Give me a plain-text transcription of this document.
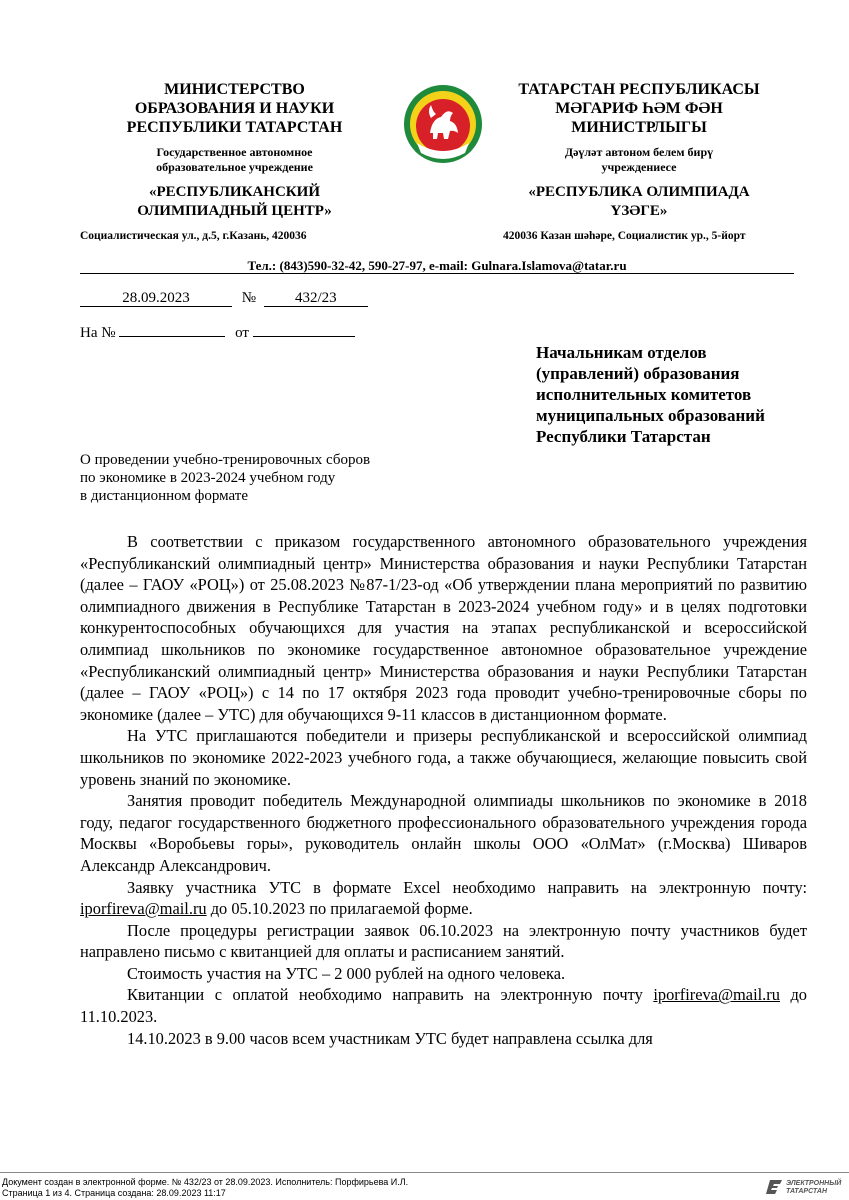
МИНИСТЕРСТВО
ОБРАЗОВАНИЯ И НАУКИ
РЕСПУБЛИКИ ТАТАРСТАН
Государственное автономное
образовательное учреждение
«РЕСПУБЛИКАНСКИЙ
ОЛИМПИАДНЫЙ ЦЕНТР»
Социалистическая ул., д.5, г.Казань, 420036
ТАТАРСТАН РЕСПУБЛИКАСЫ
МӘГАРИФ ҺӘМ ФӘН
МИНИСТРЛЫГЫ
Дәүләт автоном белем бирү
учреждениесе
«РЕСПУБЛИКА ОЛИМПИАДА
ҮЗӘГЕ»
420036 Казан шәһәре, Социалистик ур., 5-йорт
Тел.: (843)590-32-42, 590-27-97, e-mail: Gulnara.Islamova@tatar.ru
28.09.2023	№	432/23
На №	от
Начальникам отделов
(управлений) образования
исполнительных комитетов
муниципальных образований
Республики Татарстан
О проведении учебно-тренировочных сборов
по экономике в 2023-2024 учебном году
в дистанционном формате

В соответствии с приказом государственного автономного образовательного учреждения «Республиканский олимпиадный центр» Министерства образования и науки Республики Татарстан (далее – ГАОУ «РОЦ») от 25.08.2023 №87-1/23-од «Об утверждении плана мероприятий по развитию олимпиадного движения в Республике Татарстан в 2023-2024 учебном году» и в целях подготовки конкурентоспособных обучающихся для участия на этапах республиканской и всероссийской олимпиад школьников по экономике государственное автономное образовательное учреждение «Республиканский олимпиадный центр» Министерства образования и науки Республики Татарстан (далее – ГАОУ «РОЦ») с 14 по 17 октября 2023 года проводит учебно-тренировочные сборы по экономике (далее – УТС) для обучающихся 9-11 классов в дистанционном формате.

На УТС приглашаются победители и призеры республиканской и всероссийской олимпиад школьников по экономике 2022-2023 учебного года, а также обучающиеся, желающие повысить свой уровень знаний по экономике.

Занятия проводит победитель Международной олимпиады школьников по экономике в 2018 году, педагог государственного бюджетного профессионального образовательного учреждения города Москвы «Воробьевы горы», руководитель онлайн школы ООО «ОлМат» (г.Москва) Шиваров Александр Александрович.

Заявку участника УТС в формате Excel необходимо направить на электронную почту: iporfireva@mail.ru до 05.10.2023 по прилагаемой форме.

После процедуры регистрации заявок 06.10.2023 на электронную почту участников будет направлено письмо с квитанцией для оплаты и расписанием занятий.

Стоимость участия на УТС – 2 000 рублей на одного человека.

Квитанции с оплатой необходимо направить на электронную почту iporfireva@mail.ru до 11.10.2023.

14.10.2023 в 9.00 часов всем участникам УТС будет направлена ссылка для

Документ создан в электронной форме. № 432/23 от 28.09.2023. Исполнитель: Порфирьева И.Л.
Страница 1 из 4. Страница создана: 28.09.2023 11:17
ЭЛЕКТРОННЫЙ
ТАТАРСТАН
